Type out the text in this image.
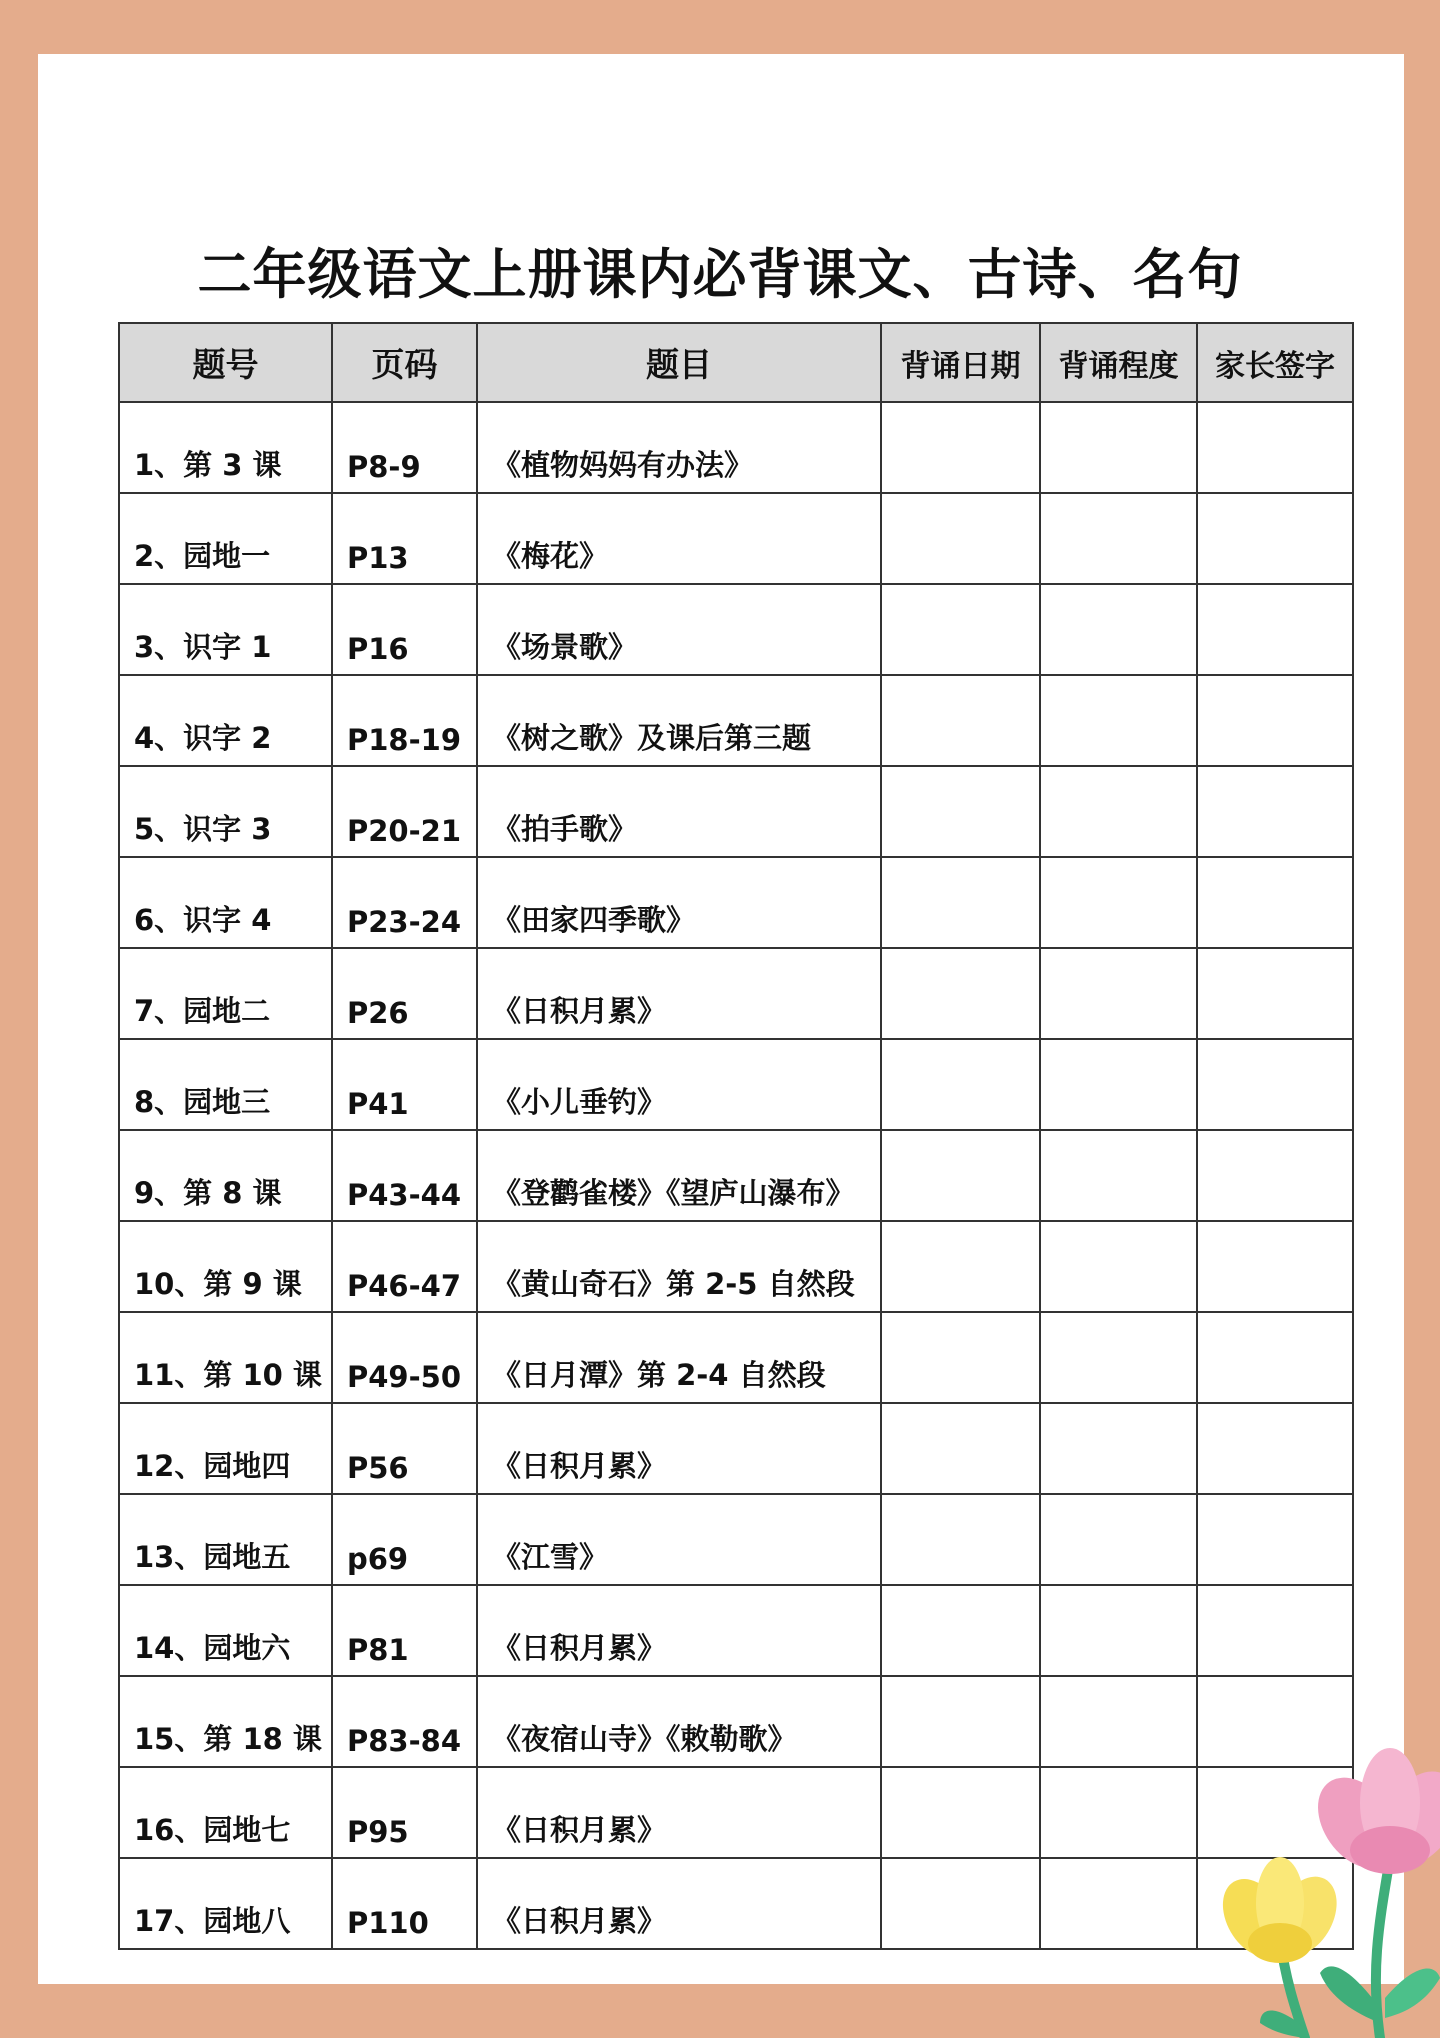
二年级语文上册课内必背课文、古诗、名句
题号	页码	题目	背诵日期	背诵程度	家长签字
1、第 3 课	P8-9	《植物妈妈有办法》			
2、园地一	P13	《梅花》			
3、识字 1	P16	《场景歌》			
4、识字 2	P18-19	《树之歌》及课后第三题			
5、识字 3	P20-21	《拍手歌》			
6、识字 4	P23-24	《田家四季歌》			
7、园地二	P26	《日积月累》			
8、园地三	P41	《小儿垂钓》			
9、第 8 课	P43-44	《登鹳雀楼》《望庐山瀑布》			
10、第 9 课	P46-47	《黄山奇石》第 2-5 自然段			
11、第 10 课	P49-50	《日月潭》第 2-4 自然段			
12、园地四	P56	《日积月累》			
13、园地五	p69	《江雪》			
14、园地六	P81	《日积月累》			
15、第 18 课	P83-84	《夜宿山寺》《敕勒歌》			
16、园地七	P95	《日积月累》			
17、园地八	P110	《日积月累》			
